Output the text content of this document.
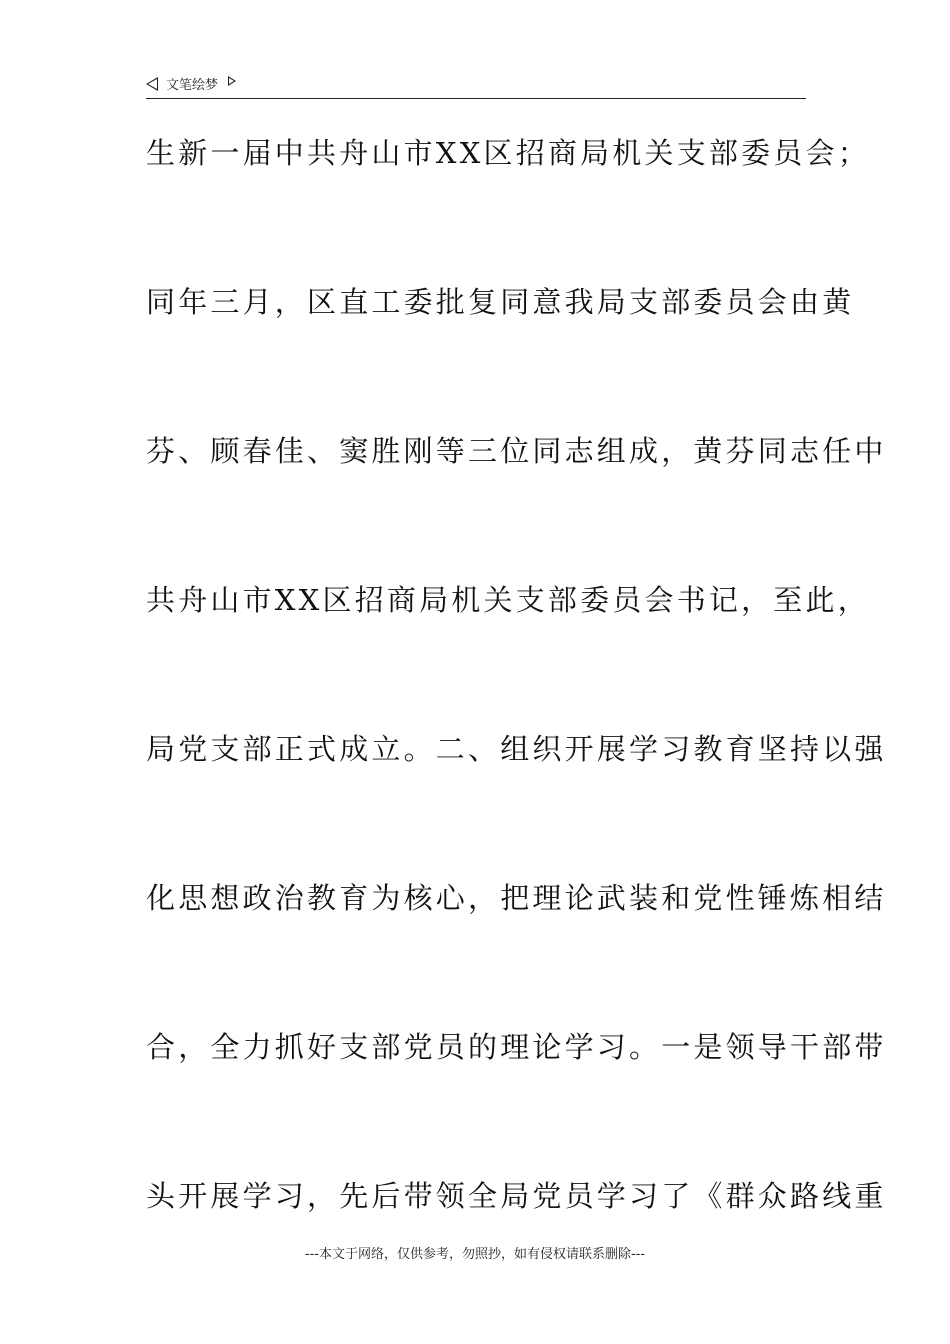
文笔绘梦
生新一届中共舟山市XX区招商局机关支部委员会；
同年三月，区直工委批复同意我局支部委员会由黄
芬、顾春佳、窦胜刚等三位同志组成，黄芬同志任中
共舟山市XX区招商局机关支部委员会书记，至此，
局党支部正式成立。二、组织开展学习教育坚持以强
化思想政治教育为核心，把理论武装和党性锤炼相结
合，全力抓好支部党员的理论学习。一是领导干部带
头开展学习，先后带领全局党员学习了《群众路线重
---本文于网络，仅供参考，勿照抄，如有侵权请联系删除---
